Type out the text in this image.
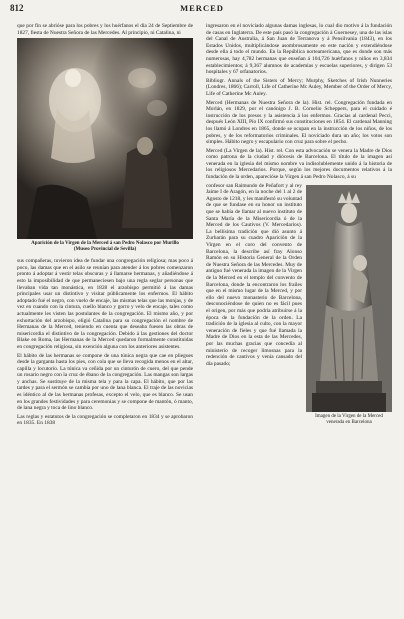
812	MERCED

que por fin se abrióse para los pobres y los huérfanos el día 24 de Septiembre de 1827, fiesta de Nuestra Señora de las Mercedes. Al principio, ni Catalina, ni

Aparición de la Virgen de la Merced á san Pedro Nolasco por Murillo (Museo Provincial de Sevilla)

sus compañeras, tuvieron idea de fundar una congregación religiosa; mas poco á poco, las damas que en el asilo se reunían para atender á los pobres comenzaron pronto á adoptar á vestir telas obscuras y á llamarse hermanas, y añadiéndose á esto la imposibilidad de que permaneciesen bajo una regla seglar personas que llevaban vida tan monástica, en 1828 el arzobispo permitió á las damas principales usar un distintivo y visitar públicamente los enfermos. El hábito adoptado fué el negro, con vuelo de encaje, las mismas telas que las monjas, y de vez en cuando con la cintura, cuello blanco y gorro y velo de encaje, tales como actualmente les visten las postulantes de la congregación. El mismo año, y por exhortación del arzobispo, eligió Catalina para su congregación el nombre de Hermanas de la Merced, teniendo en cuenta que deseaba fuesen las obras de misericordia el distintivo de la congregación. Debido á las gestiones del doctor Blake en Roma, las Hermanas de la Merced quedaron formalmente constituidas en congregación religiosa, sin exención alguna con los anteriores asistentes.

El hábito de las hermanas se compone de una túnica negra que cae en pliegues desde la garganta hasta los pies, con cola que se lleva recogida menos en el altar, capilla y locutorio. La túnica va ceñida por un cinturón de cuero, del que pende un rosario negro con la cruz de ébano de la congregación. Las mangas son largas y anchas. Se sustituye de la misma tela y para la capa. El hábito, que por las tardes y para el sermón se cambia por uno de lana blanca. El traje de las novicias es idéntico al de las hermanas profesas, excepto el velo, que es blanco. Se usan en los grandes festividades y para ceremonias y se compone de mantón, ó manto, de lana negra y toca de lino blanco.

Las reglas y estatutos de la congregación se completaron en 1834 y se aprobaron en 1835. En 1838

ingresaron en el noviciado algunas damas inglesas, lo cual dio motivo á la fundación de casas en Inglaterra. De este país pasó la congregación á Guernesey, una de las islas del Canal de Australia, á San Juan de Terranova y á Pensilvania (1843), en los Estados Unidos, multiplicándose asombrosamente en este nación y extendiéndose desde ella á todo el mundo. En la República norteamericana, que es donde son más numerosas, hay 4,782 hermanas que enseñan á 104,726 huérfanos y niños en 3,834 establecimientos; á 9,367 alumnos de academias y escuelas superiores, y dirigen 53 hospitales y 67 orfanatorios.

Bibliogr. Annals of the Sisters of Mercy; Murphy, Sketches of Irish Nunneries (Londres, 1866); Carroll, Life of Catherine Mc Auley, Member of the Order of Mercy, Life of Catherine Mc Auley.

Merced (Hermanas de Nuestra Señora de la). Hist. rel. Congregación fundada en Morlán, en 1829, por el canónigo J. B. Cornelio Scheppers, para el cuidado é instrucción de los presos y la asistencia á los enfermos. Gracias al cardenal Pecci, después León XIII, Pío IX confirmó sus constituciones en 1854. El cardenal Manning los llamó á Londres en 1865, donde se ocupan en la instrucción de los niños, de los pobres, y de los reformatorios criminales. El noviciado dura un año; los votos son simples. Hábito negro y escapulario con cruz para sobre el pecho.

Merced (La Virgen de la). Hist. rel. Con esta advocación se venera la Madre de Dios como patrona de la ciudad y diócesis de Barcelona. El título de la imagen así venerada en la iglesia del mismo nombre va indisolublemente unido á la historia de los religiosos Mercedarios. Porque, según los mejores documentos relativos á la fundación de la orden, aparecióse la Virgen á san Pedro Nolasco, á su

Imagen de la Virgen de la Merced venerada en Barcelona

confesor san Raimundo de Peñafort y al rey Jaime I de Aragón, en la noche del 1 al 2 de Agosto de 1218, y les manifestó su voluntad de que se fundase en su honor un instituto que se había de llamar al nuevo instituto de Santa María de la Misericordia ó de la Merced de los Cautivos (V. Mercedarios). La bellísima tradición que dió asunto á Zurbarán para su cuadro Aparición de la Virgen en el coro del convento de Barcelona, la describe así fray Alonso Ramón en su Historia General de la Orden de Nuestra Señora de las Mercedes. Muy de antiguo fué venerada la imagen de la Virgen de la Merced en el templo del convento de Barcelona, donde la encontraron los frailes que en el mismo lugar de la Merced, y por ello del nuevo monasterio de Barcelona, desconociéndose de quien no es fácil pues el origen, por más que podría atribuirse á la época de la fundación de la orden. La tradición de la iglesia al culto, con la mayor veneración de fieles y que fué llamada la Madre de Dios en la esta de las Mercedes, por las muchas gracias que concedía al ministerio de recoger limosnas para la redención de cautivos y venía cansado del día pasado;
